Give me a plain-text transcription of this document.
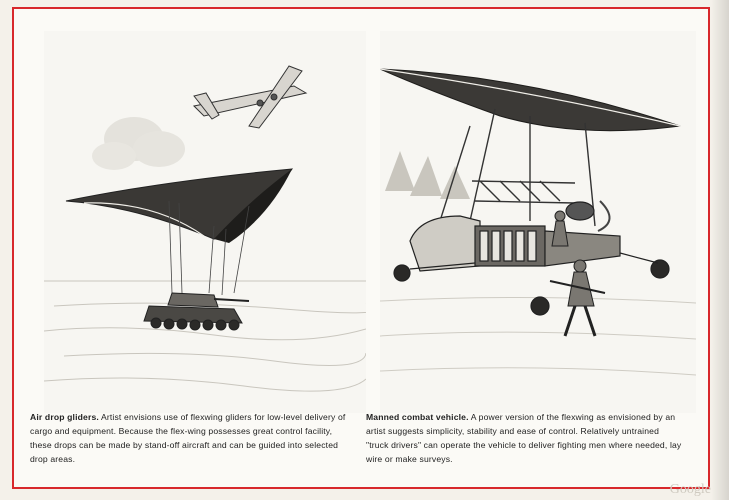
Air drop gliders. Artist envisions use of flexwing gliders for low-level delivery of cargo and equipment. Because the flex-wing possesses great control facility, these drops can be made by stand-off aircraft and can be guided into selected drop areas.
Manned combat vehicle. A power version of the flexwing as envisioned by an artist suggests simplicity, stability and ease of control. Relatively untrained "truck drivers" can operate the vehicle to deliver fighting men where needed, lay wire or make surveys.
Google
